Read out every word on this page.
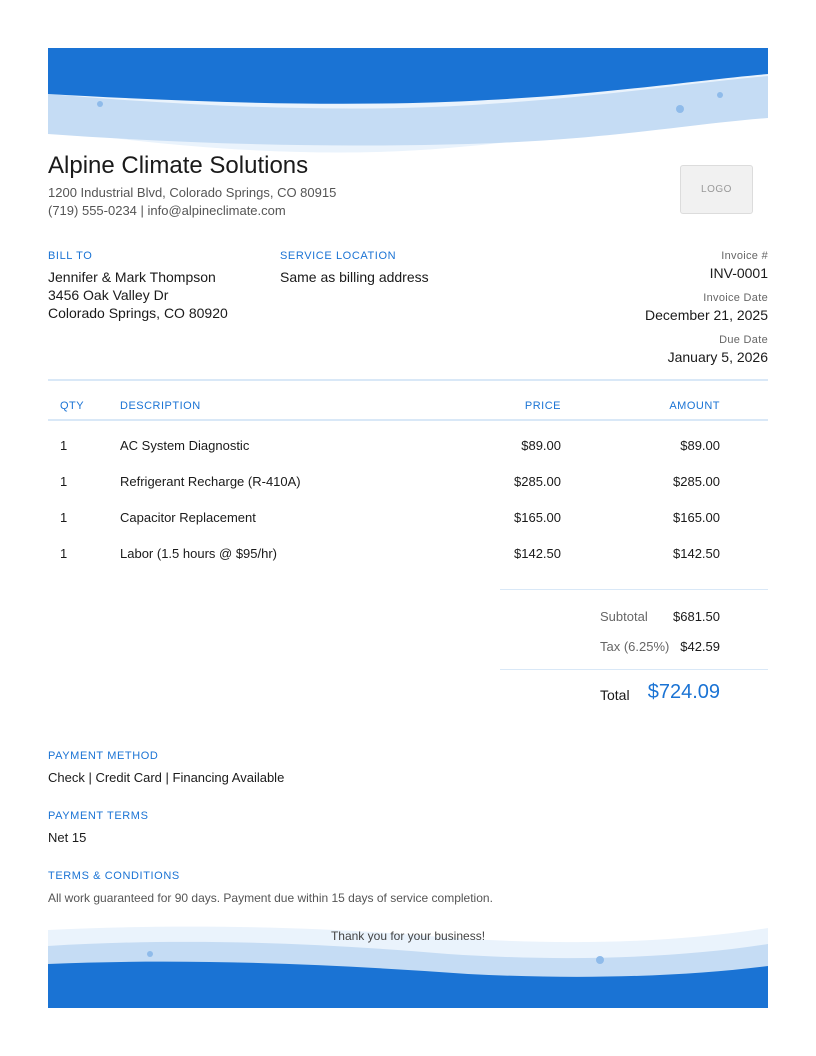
Alpine Climate Solutions
1200 Industrial Blvd, Colorado Springs, CO 80915
(719) 555-0234 | info@alpineclimate.com
LOGO
BILL TO
Jennifer & Mark Thompson
3456 Oak Valley Dr
Colorado Springs, CO 80920
SERVICE LOCATION
Same as billing address
Invoice #
INV-0001
Invoice Date
December 21, 2025
Due Date
January 5, 2026
QTY	DESCRIPTION	PRICE	AMOUNT
1	AC System Diagnostic	$89.00	$89.00
1	Refrigerant Recharge (R-410A)	$285.00	$285.00
1	Capacitor Replacement	$165.00	$165.00
1	Labor (1.5 hours @ $95/hr)	$142.50	$142.50
Subtotal $681.50
Tax (6.25%) $42.59
Total $724.09
PAYMENT METHOD
Check | Credit Card | Financing Available
PAYMENT TERMS
Net 15
TERMS & CONDITIONS
All work guaranteed for 90 days. Payment due within 15 days of service completion.
Thank you for your business!
